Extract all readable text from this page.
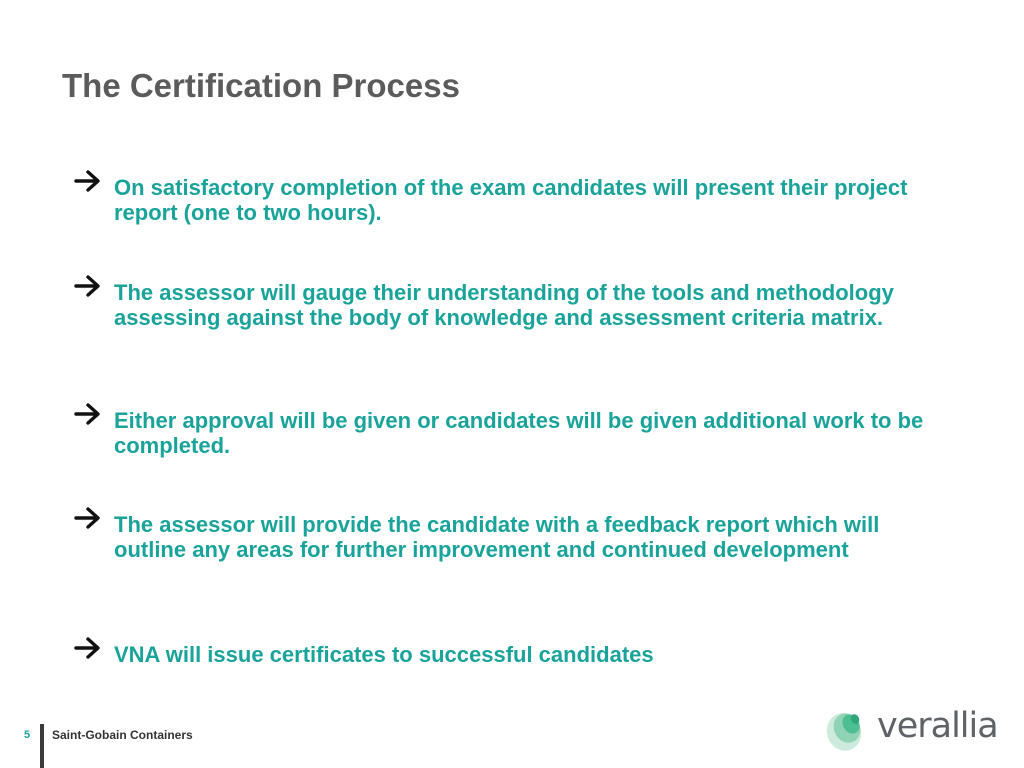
The Certification Process

On satisfactory completion of the exam candidates will present their project report (one to two hours).

The assessor will gauge their understanding of the tools and methodology assessing against the body of knowledge and assessment criteria matrix.

Either approval will be given or candidates will be given additional work to be completed.

The assessor will provide the candidate with a feedback report which will outline any areas for further improvement and continued development

VNA will issue certificates to successful candidates

5 Saint-Gobain Containers	verallia
